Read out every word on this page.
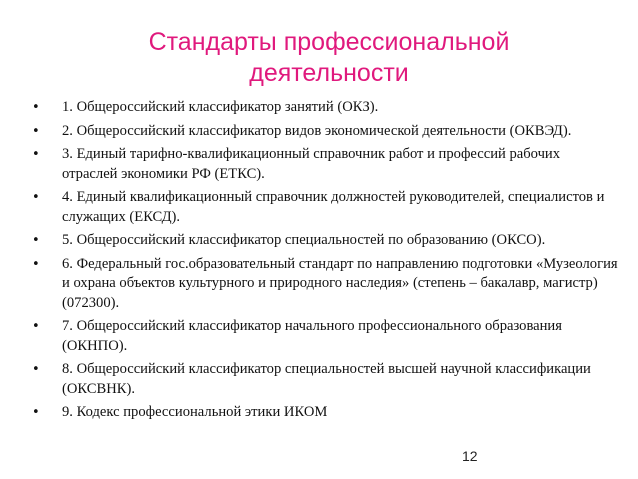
Стандарты профессиональной
деятельности
• 1. Общероссийский классификатор занятий (ОКЗ).
• 2. Общероссийский классификатор видов экономической деятельности (ОКВЭД).
• 3. Единый тарифно-квалификационный справочник работ и профессий рабочих отраслей экономики РФ (ЕТКС).
• 4. Единый квалификационный справочник должностей руководителей, специалистов и служащих (ЕКСД).
• 5. Общероссийский классификатор специальностей по образованию (ОКСО).
• 6. Федеральный гос.образовательный стандарт по направлению подготовки «Музеология и охрана объектов культурного и природного наследия» (степень – бакалавр, магистр) (072300).
• 7. Общероссийский классификатор начального профессионального образования (ОКНПО).
• 8. Общероссийский классификатор специальностей высшей научной классификации (ОКСВНК).
• 9. Кодекс профессиональной этики ИКОМ
12
